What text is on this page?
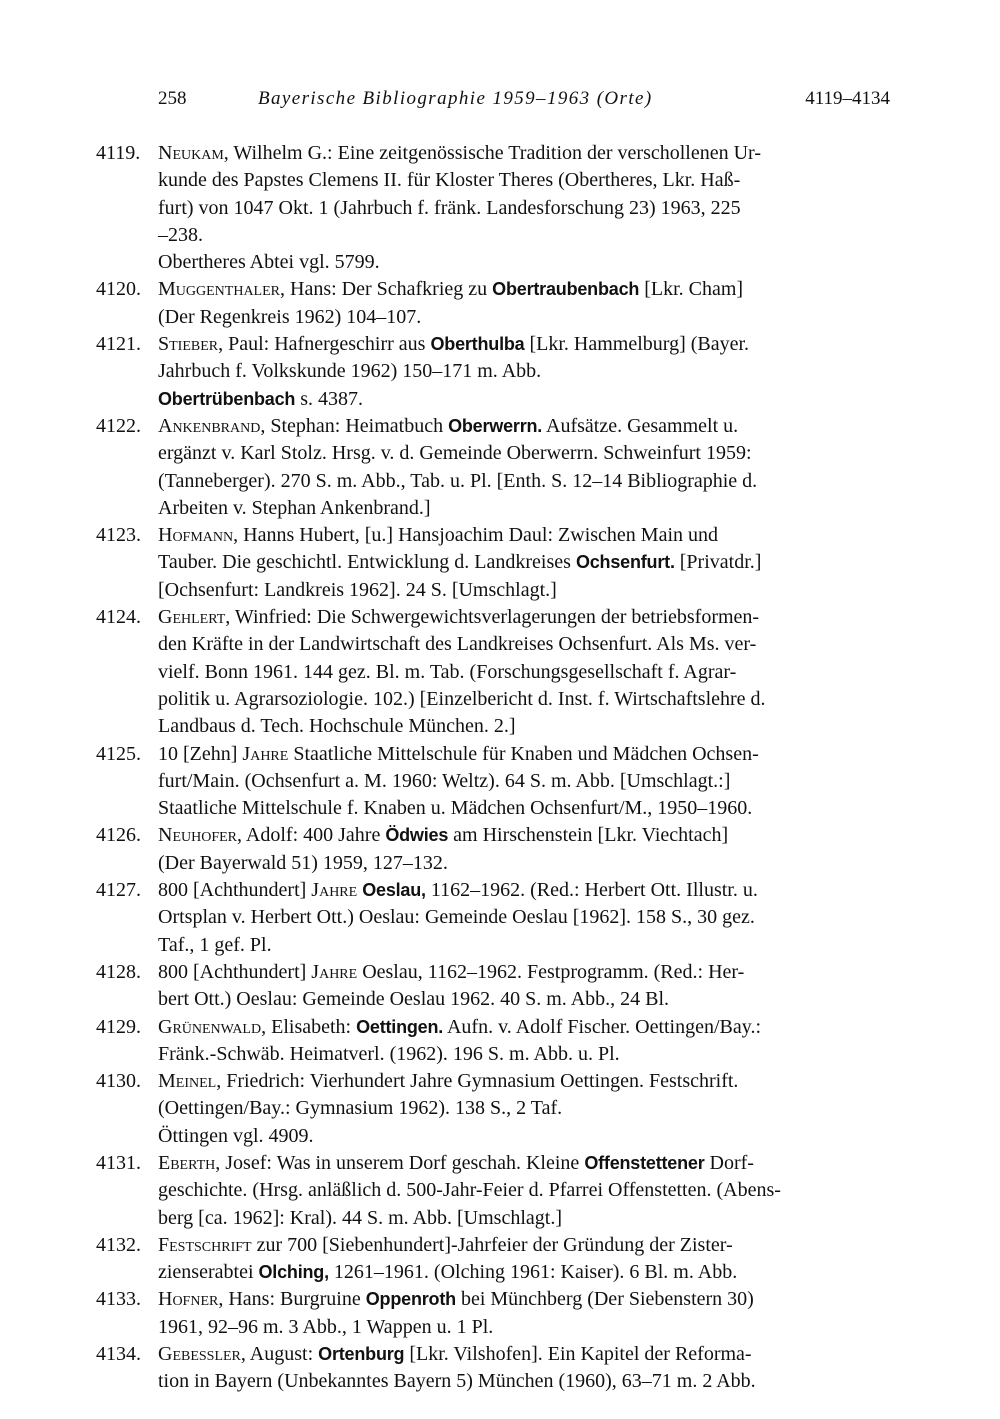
258	Bayerische Bibliographie 1959–1963 (Orte)	4119–4134
4119. Neukam, Wilhelm G.: Eine zeitgenössische Tradition der verschollenen Ur-
kunde des Papstes Clemens II. für Kloster Theres (Obertheres, Lkr. Haß-
furt) von 1047 Okt. 1 (Jahrbuch f. fränk. Landesforschung 23) 1963, 225
–238.
Obertheres Abtei vgl. 5799.
4120. Muggenthaler, Hans: Der Schafkrieg zu Obertraubenbach [Lkr. Cham]
(Der Regenkreis 1962) 104–107.
4121. Stieber, Paul: Hafnergeschirr aus Oberthulba [Lkr. Hammelburg] (Bayer.
Jahrbuch f. Volkskunde 1962) 150–171 m. Abb.
Obertrübenbach s. 4387.
4122. Ankenbrand, Stephan: Heimatbuch Oberwerrn. Aufsätze. Gesammelt u.
ergänzt v. Karl Stolz. Hrsg. v. d. Gemeinde Oberwerrn. Schweinfurt 1959:
(Tanneberger). 270 S. m. Abb., Tab. u. Pl. [Enth. S. 12–14 Bibliographie d.
Arbeiten v. Stephan Ankenbrand.]
4123. Hofmann, Hanns Hubert, [u.] Hansjoachim Daul: Zwischen Main und
Tauber. Die geschichtl. Entwicklung d. Landkreises Ochsenfurt. [Privatdr.]
[Ochsenfurt: Landkreis 1962]. 24 S. [Umschlagt.]
4124. Gehlert, Winfried: Die Schwergewichtsverlagerungen der betriebsformen-
den Kräfte in der Landwirtschaft des Landkreises Ochsenfurt. Als Ms. ver-
vielf. Bonn 1961. 144 gez. Bl. m. Tab. (Forschungsgesellschaft f. Agrar-
politik u. Agrarsoziologie. 102.) [Einzelbericht d. Inst. f. Wirtschaftslehre d.
Landbaus d. Tech. Hochschule München. 2.]
4125. 10 [Zehn] Jahre Staatliche Mittelschule für Knaben und Mädchen Ochsen-
furt/Main. (Ochsenfurt a. M. 1960: Weltz). 64 S. m. Abb. [Umschlagt.:]
Staatliche Mittelschule f. Knaben u. Mädchen Ochsenfurt/M., 1950–1960.
4126. Neuhofer, Adolf: 400 Jahre Ödwies am Hirschenstein [Lkr. Viechtach]
(Der Bayerwald 51) 1959, 127–132.
4127. 800 [Achthundert] Jahre Oeslau, 1162–1962. (Red.: Herbert Ott. Illustr. u.
Ortsplan v. Herbert Ott.) Oeslau: Gemeinde Oeslau [1962]. 158 S., 30 gez.
Taf., 1 gef. Pl.
4128. 800 [Achthundert] Jahre Oeslau, 1162–1962. Festprogramm. (Red.: Her-
bert Ott.) Oeslau: Gemeinde Oeslau 1962. 40 S. m. Abb., 24 Bl.
4129. Grünenwald, Elisabeth: Oettingen. Aufn. v. Adolf Fischer. Oettingen/Bay.:
Fränk.-Schwäb. Heimatverl. (1962). 196 S. m. Abb. u. Pl.
4130. Meinel, Friedrich: Vierhundert Jahre Gymnasium Oettingen. Festschrift.
(Oettingen/Bay.: Gymnasium 1962). 138 S., 2 Taf.
Öttingen vgl. 4909.
4131. Eberth, Josef: Was in unserem Dorf geschah. Kleine Offenstettener Dorf-
geschichte. (Hrsg. anläßlich d. 500-Jahr-Feier d. Pfarrei Offenstetten. (Abens-
berg [ca. 1962]: Kral). 44 S. m. Abb. [Umschlagt.]
4132. Festschrift zur 700 [Siebenhundert]-Jahrfeier der Gründung der Zister-
zienserabtei Olching, 1261–1961. (Olching 1961: Kaiser). 6 Bl. m. Abb.
4133. Hofner, Hans: Burgruine Oppenroth bei Münchberg (Der Siebenstern 30)
1961, 92–96 m. 3 Abb., 1 Wappen u. 1 Pl.
4134. Gebessler, August: Ortenburg [Lkr. Vilshofen]. Ein Kapitel der Reforma-
tion in Bayern (Unbekanntes Bayern 5) München (1960), 63–71 m. 2 Abb.
